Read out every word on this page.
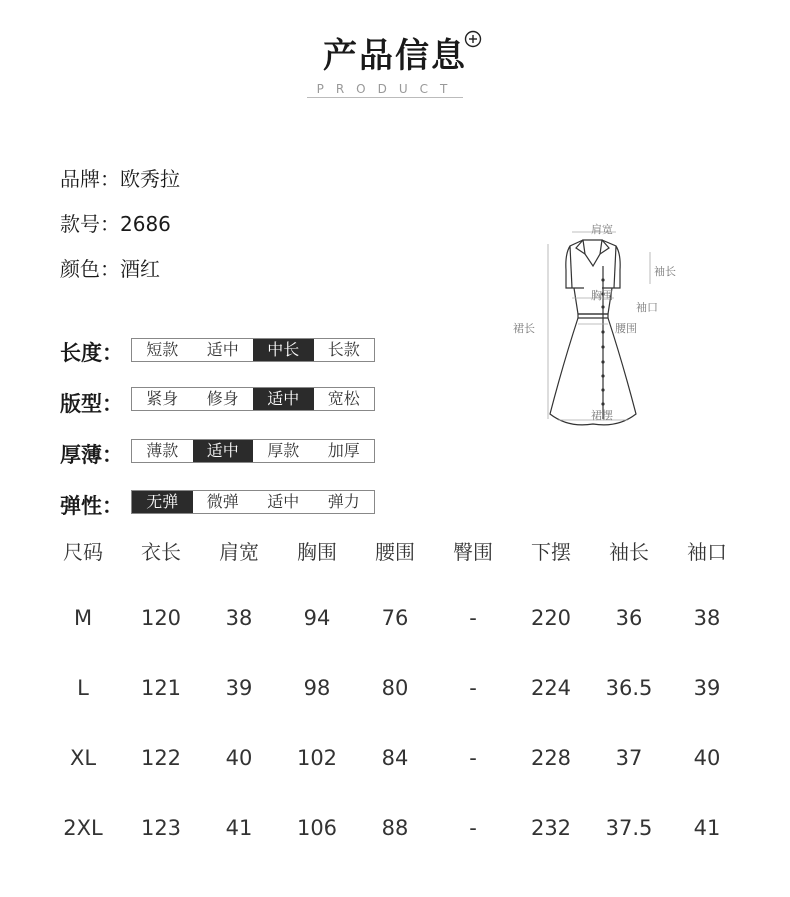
产品信息
PRODUCT
品牌：欧秀拉
款号：2686
颜色：酒红
长度：	短款	适中	中长	长款
版型：	紧身	修身	适中	宽松
厚薄：	薄款	适中	厚款	加厚
弹性：	无弹	微弹	适中	弹力
肩宽
袖长
胸围
袖口
裙长	腰围
裙摆
尺码	衣长	肩宽	胸围	腰围	臀围	下摆	袖长	袖口
M	120	38	94	76	-	220	36	38
L	121	39	98	80	-	224	36.5	39
XL	122	40	102	84	-	228	37	40
2XL	123	41	106	88	-	232	37.5	41
